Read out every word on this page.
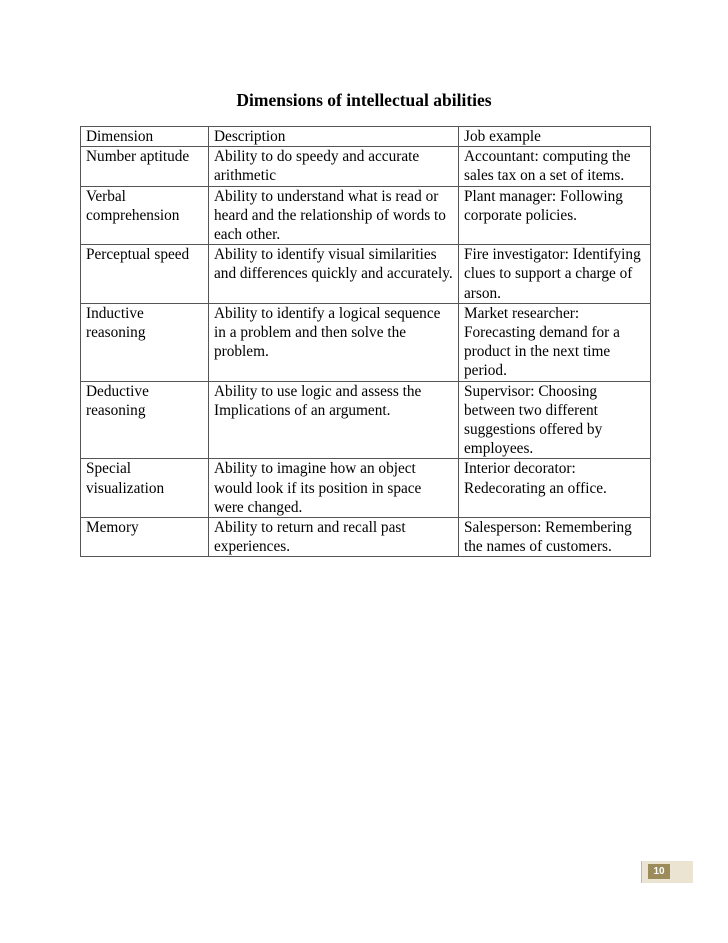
Dimensions of intellectual abilities
Dimension	Description	Job example
Number aptitude	Ability to do speedy and accurate arithmetic	Accountant: computing the sales tax on a set of items.
Verbal comprehension	Ability to understand what is read or heard and the relationship of words to each other.	Plant manager: Following corporate policies.
Perceptual speed	Ability to identify visual similarities and differences quickly and accurately.	Fire investigator: Identifying clues to support a charge of arson.
Inductive reasoning	Ability to identify a logical sequence in a problem and then solve the problem.	Market researcher: Forecasting demand for a product in the next time period.
Deductive reasoning	Ability to use logic and assess the Implications of an argument.	Supervisor: Choosing between two different suggestions offered by employees.
Special visualization	Ability to imagine how an object would look if its position in space were changed.	Interior decorator: Redecorating an office.
Memory	Ability to return and recall past experiences.	Salesperson: Remembering the names of customers.
10
